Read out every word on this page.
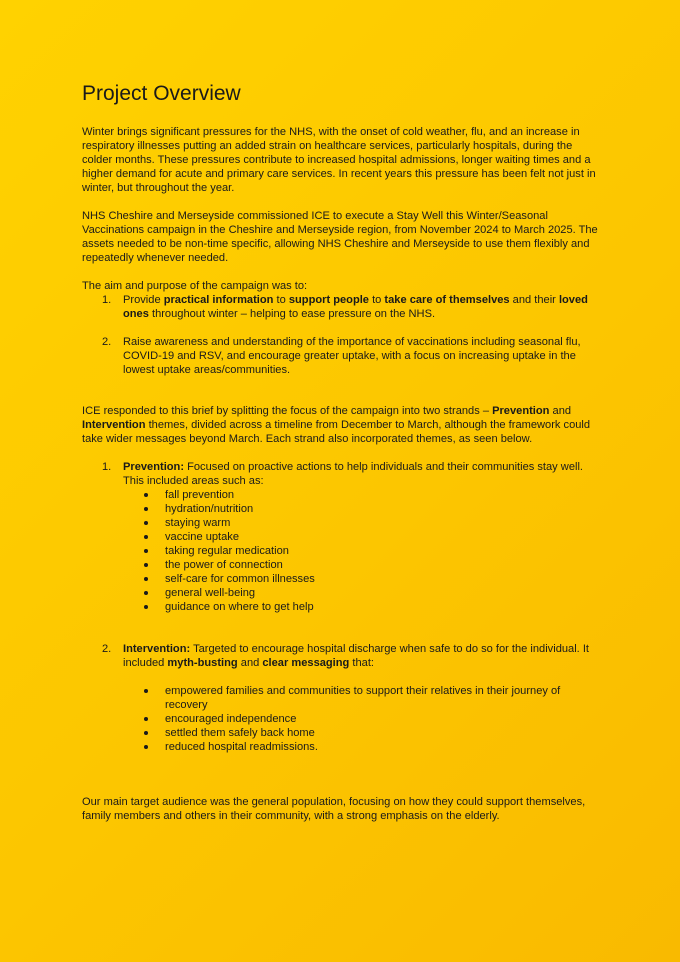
Project Overview

Winter brings significant pressures for the NHS, with the onset of cold weather, flu, and an increase in respiratory illnesses putting an added strain on healthcare services, particularly hospitals, during the colder months. These pressures contribute to increased hospital admissions, longer waiting times and a higher demand for acute and primary care services. In recent years this pressure has been felt not just in winter, but throughout the year.

NHS Cheshire and Merseyside commissioned ICE to execute a Stay Well this Winter/Seasonal Vaccinations campaign in the Cheshire and Merseyside region, from November 2024 to March 2025. The assets needed to be non-time specific, allowing NHS Cheshire and Merseyside to use them flexibly and repeatedly whenever needed.

The aim and purpose of the campaign was to:

1. Provide practical information to support people to take care of themselves and their loved ones throughout winter – helping to ease pressure on the NHS.
2. Raise awareness and understanding of the importance of vaccinations including seasonal flu, COVID-19 and RSV, and encourage greater uptake, with a focus on increasing uptake in the lowest uptake areas/communities.

ICE responded to this brief by splitting the focus of the campaign into two strands – Prevention and Intervention themes, divided across a timeline from December to March, although the framework could take wider messages beyond March. Each strand also incorporated themes, as seen below.

1. Prevention: Focused on proactive actions to help individuals and their communities stay well. This included areas such as:
fall prevention
hydration/nutrition
staying warm
vaccine uptake
taking regular medication
the power of connection
self-care for common illnesses
general well-being
guidance on where to get help
2. Intervention: Targeted to encourage hospital discharge when safe to do so for the individual. It included myth-busting and clear messaging that:
empowered families and communities to support their relatives in their journey of recovery
encouraged independence
settled them safely back home
reduced hospital readmissions.

Our main target audience was the general population, focusing on how they could support themselves, family members and others in their community, with a strong emphasis on the elderly.
